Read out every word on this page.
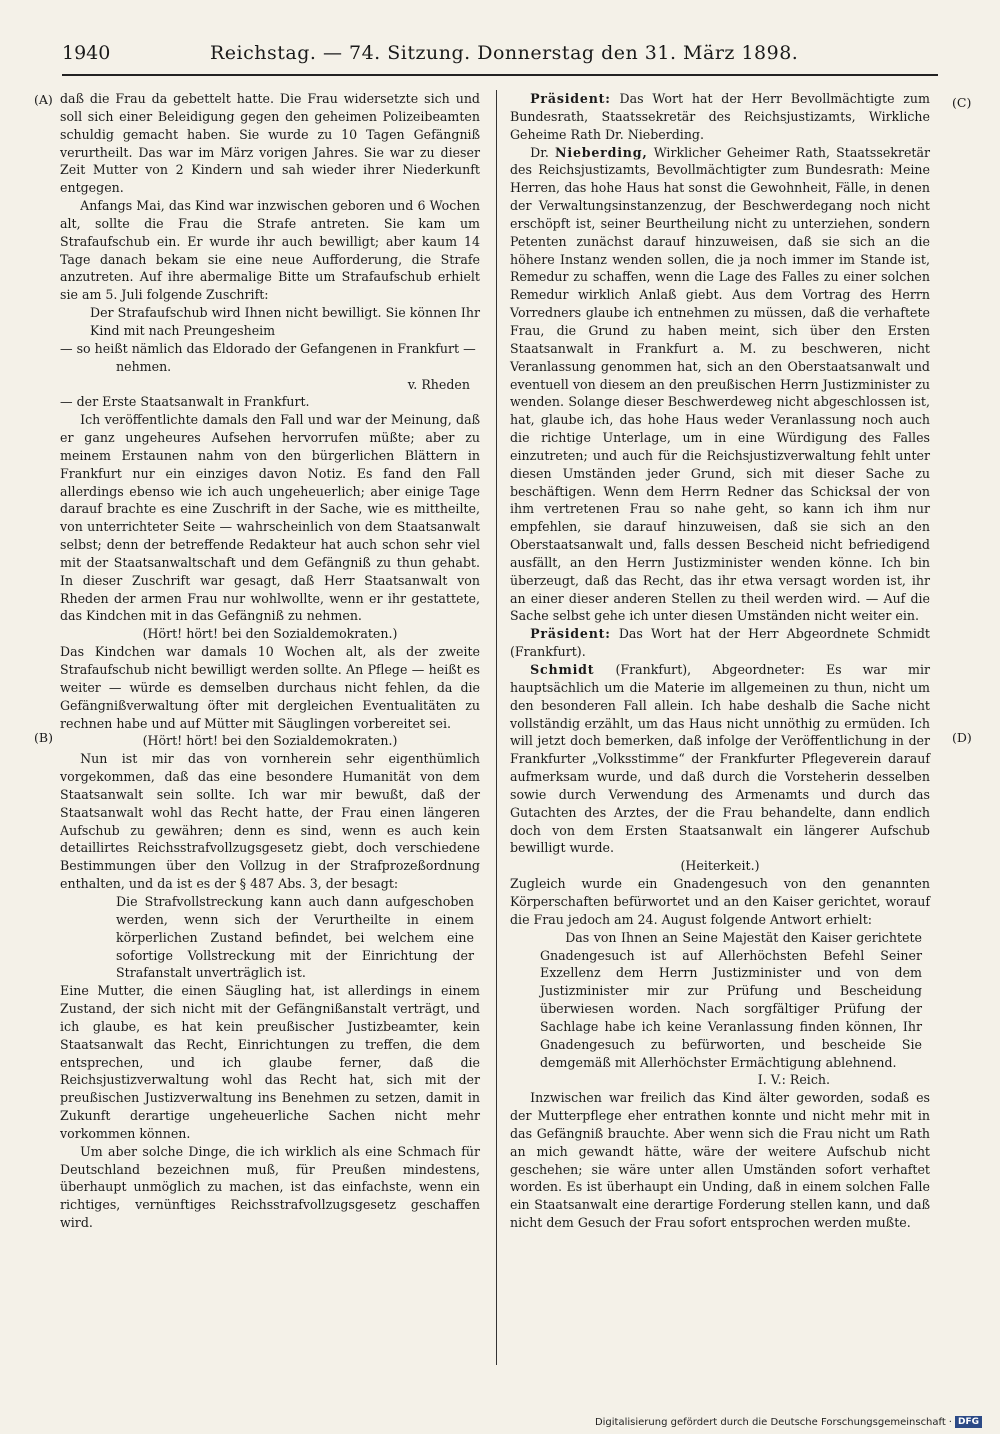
1940	Reichstag. — 74. Sitzung. Donnerstag den 31. März 1898.
(A)
(B)
(C)
(D)

daß die Frau da gebettelt hatte. Die Frau widersetzte sich und soll sich einer Beleidigung gegen den geheimen Polizeibeamten schuldig gemacht haben. Sie wurde zu 10 Tagen Gefängniß verurtheilt. Das war im März vorigen Jahres. Sie war zu dieser Zeit Mutter von 2 Kindern und sah wieder ihrer Niederkunft entgegen.

Anfangs Mai, das Kind war inzwischen geboren und 6 Wochen alt, sollte die Frau die Strafe antreten. Sie kam um Strafaufschub ein. Er wurde ihr auch bewilligt; aber kaum 14 Tage danach bekam sie eine neue Aufforderung, die Strafe anzutreten. Auf ihre abermalige Bitte um Strafaufschub erhielt sie am 5. Juli folgende Zuschrift:

Der Strafaufschub wird Ihnen nicht bewilligt. Sie können Ihr Kind mit nach Preungesheim

— so heißt nämlich das Eldorado der Gefangenen in Frankfurt —

nehmen.

v. Rheden

— der Erste Staatsanwalt in Frankfurt.

Ich veröffentlichte damals den Fall und war der Meinung, daß er ganz ungeheures Aufsehen hervorrufen müßte; aber zu meinem Erstaunen nahm von den bürgerlichen Blättern in Frankfurt nur ein einziges davon Notiz. Es fand den Fall allerdings ebenso wie ich auch ungeheuerlich; aber einige Tage darauf brachte es eine Zuschrift in der Sache, wie es mittheilte, von unterrichteter Seite — wahrscheinlich von dem Staatsanwalt selbst; denn der betreffende Redakteur hat auch schon sehr viel mit der Staatsanwaltschaft und dem Gefängniß zu thun gehabt. In dieser Zuschrift war gesagt, daß Herr Staatsanwalt von Rheden der armen Frau nur wohlwollte, wenn er ihr gestattete, das Kindchen mit in das Gefängniß zu nehmen.

(Hört! hört! bei den Sozialdemokraten.)

Das Kindchen war damals 10 Wochen alt, als der zweite Strafaufschub nicht bewilligt werden sollte. An Pflege — heißt es weiter — würde es demselben durchaus nicht fehlen, da die Gefängnißverwaltung öfter mit dergleichen Eventualitäten zu rechnen habe und auf Mütter mit Säuglingen vorbereitet sei.

(Hört! hört! bei den Sozialdemokraten.)

Nun ist mir das von vornherein sehr eigenthümlich vorgekommen, daß das eine besondere Humanität von dem Staatsanwalt sein sollte. Ich war mir bewußt, daß der Staatsanwalt wohl das Recht hatte, der Frau einen längeren Aufschub zu gewähren; denn es sind, wenn es auch kein detaillirtes Reichsstrafvollzugsgesetz giebt, doch verschiedene Bestimmungen über den Vollzug in der Strafprozeßordnung enthalten, und da ist es der § 487 Abs. 3, der besagt:

Die Strafvollstreckung kann auch dann aufgeschoben werden, wenn sich der Verurtheilte in einem körperlichen Zustand befindet, bei welchem eine sofortige Vollstreckung mit der Einrichtung der Strafanstalt unverträglich ist.

Eine Mutter, die einen Säugling hat, ist allerdings in einem Zustand, der sich nicht mit der Gefängnißanstalt verträgt, und ich glaube, es hat kein preußischer Justizbeamter, kein Staatsanwalt das Recht, Einrichtungen zu treffen, die dem entsprechen, und ich glaube ferner, daß die Reichsjustizverwaltung wohl das Recht hat, sich mit der preußischen Justizverwaltung ins Benehmen zu setzen, damit in Zukunft derartige ungeheuerliche Sachen nicht mehr vorkommen können.

Um aber solche Dinge, die ich wirklich als eine Schmach für Deutschland bezeichnen muß, für Preußen mindestens, überhaupt unmöglich zu machen, ist das einfachste, wenn ein richtiges, vernünftiges Reichsstrafvollzugsgesetz geschaffen wird.

Präsident: Das Wort hat der Herr Bevollmächtigte zum Bundesrath, Staatssekretär des Reichsjustizamts, Wirkliche Geheime Rath Dr. Nieberding.

Dr. Nieberding, Wirklicher Geheimer Rath, Staatssekretär des Reichsjustizamts, Bevollmächtigter zum Bundesrath: Meine Herren, das hohe Haus hat sonst die Gewohnheit, Fälle, in denen der Verwaltungsinstanzenzug, der Beschwerdegang noch nicht erschöpft ist, seiner Beurtheilung nicht zu unterziehen, sondern Petenten zunächst darauf hinzuweisen, daß sie sich an die höhere Instanz wenden sollen, die ja noch immer im Stande ist, Remedur zu schaffen, wenn die Lage des Falles zu einer solchen Remedur wirklich Anlaß giebt. Aus dem Vortrag des Herrn Vorredners glaube ich entnehmen zu müssen, daß die verhaftete Frau, die Grund zu haben meint, sich über den Ersten Staatsanwalt in Frankfurt a. M. zu beschweren, nicht Veranlassung genommen hat, sich an den Oberstaatsanwalt und eventuell von diesem an den preußischen Herrn Justizminister zu wenden. Solange dieser Beschwerdeweg nicht abgeschlossen ist, hat, glaube ich, das hohe Haus weder Veranlassung noch auch die richtige Unterlage, um in eine Würdigung des Falles einzutreten; und auch für die Reichsjustizverwaltung fehlt unter diesen Umständen jeder Grund, sich mit dieser Sache zu beschäftigen. Wenn dem Herrn Redner das Schicksal der von ihm vertretenen Frau so nahe geht, so kann ich ihm nur empfehlen, sie darauf hinzuweisen, daß sie sich an den Oberstaatsanwalt und, falls dessen Bescheid nicht befriedigend ausfällt, an den Herrn Justizminister wenden könne. Ich bin überzeugt, daß das Recht, das ihr etwa versagt worden ist, ihr an einer dieser anderen Stellen zu theil werden wird. — Auf die Sache selbst gehe ich unter diesen Umständen nicht weiter ein.

Präsident: Das Wort hat der Herr Abgeordnete Schmidt (Frankfurt).

Schmidt (Frankfurt), Abgeordneter: Es war mir hauptsächlich um die Materie im allgemeinen zu thun, nicht um den besonderen Fall allein. Ich habe deshalb die Sache nicht vollständig erzählt, um das Haus nicht unnöthig zu ermüden. Ich will jetzt doch bemerken, daß infolge der Veröffentlichung in der Frankfurter „Volksstimme“ der Frankfurter Pflegeverein darauf aufmerksam wurde, und daß durch die Vorsteherin desselben sowie durch Verwendung des Armenamts und durch das Gutachten des Arztes, der die Frau behandelte, dann endlich doch von dem Ersten Staatsanwalt ein längerer Aufschub bewilligt wurde.

(Heiterkeit.)

Zugleich wurde ein Gnadengesuch von den genannten Körperschaften befürwortet und an den Kaiser gerichtet, worauf die Frau jedoch am 24. August folgende Antwort erhielt:

Das von Ihnen an Seine Majestät den Kaiser gerichtete Gnadengesuch ist auf Allerhöchsten Befehl Seiner Exzellenz dem Herrn Justizminister und von dem Justizminister mir zur Prüfung und Bescheidung überwiesen worden. Nach sorgfältiger Prüfung der Sachlage habe ich keine Veranlassung finden können, Ihr Gnadengesuch zu befürworten, und bescheide Sie demgemäß mit Allerhöchster Ermächtigung ablehnend.

I. V.: Reich.

Inzwischen war freilich das Kind älter geworden, sodaß es der Mutterpflege eher entrathen konnte und nicht mehr mit in das Gefängniß brauchte. Aber wenn sich die Frau nicht um Rath an mich gewandt hätte, wäre der weitere Aufschub nicht geschehen; sie wäre unter allen Umständen sofort verhaftet worden. Es ist überhaupt ein Unding, daß in einem solchen Falle ein Staatsanwalt eine derartige Forderung stellen kann, und daß nicht dem Gesuch der Frau sofort entsprochen werden mußte.

Digitalisierung gefördert durch die Deutsche Forschungsgemeinschaft · DFG
